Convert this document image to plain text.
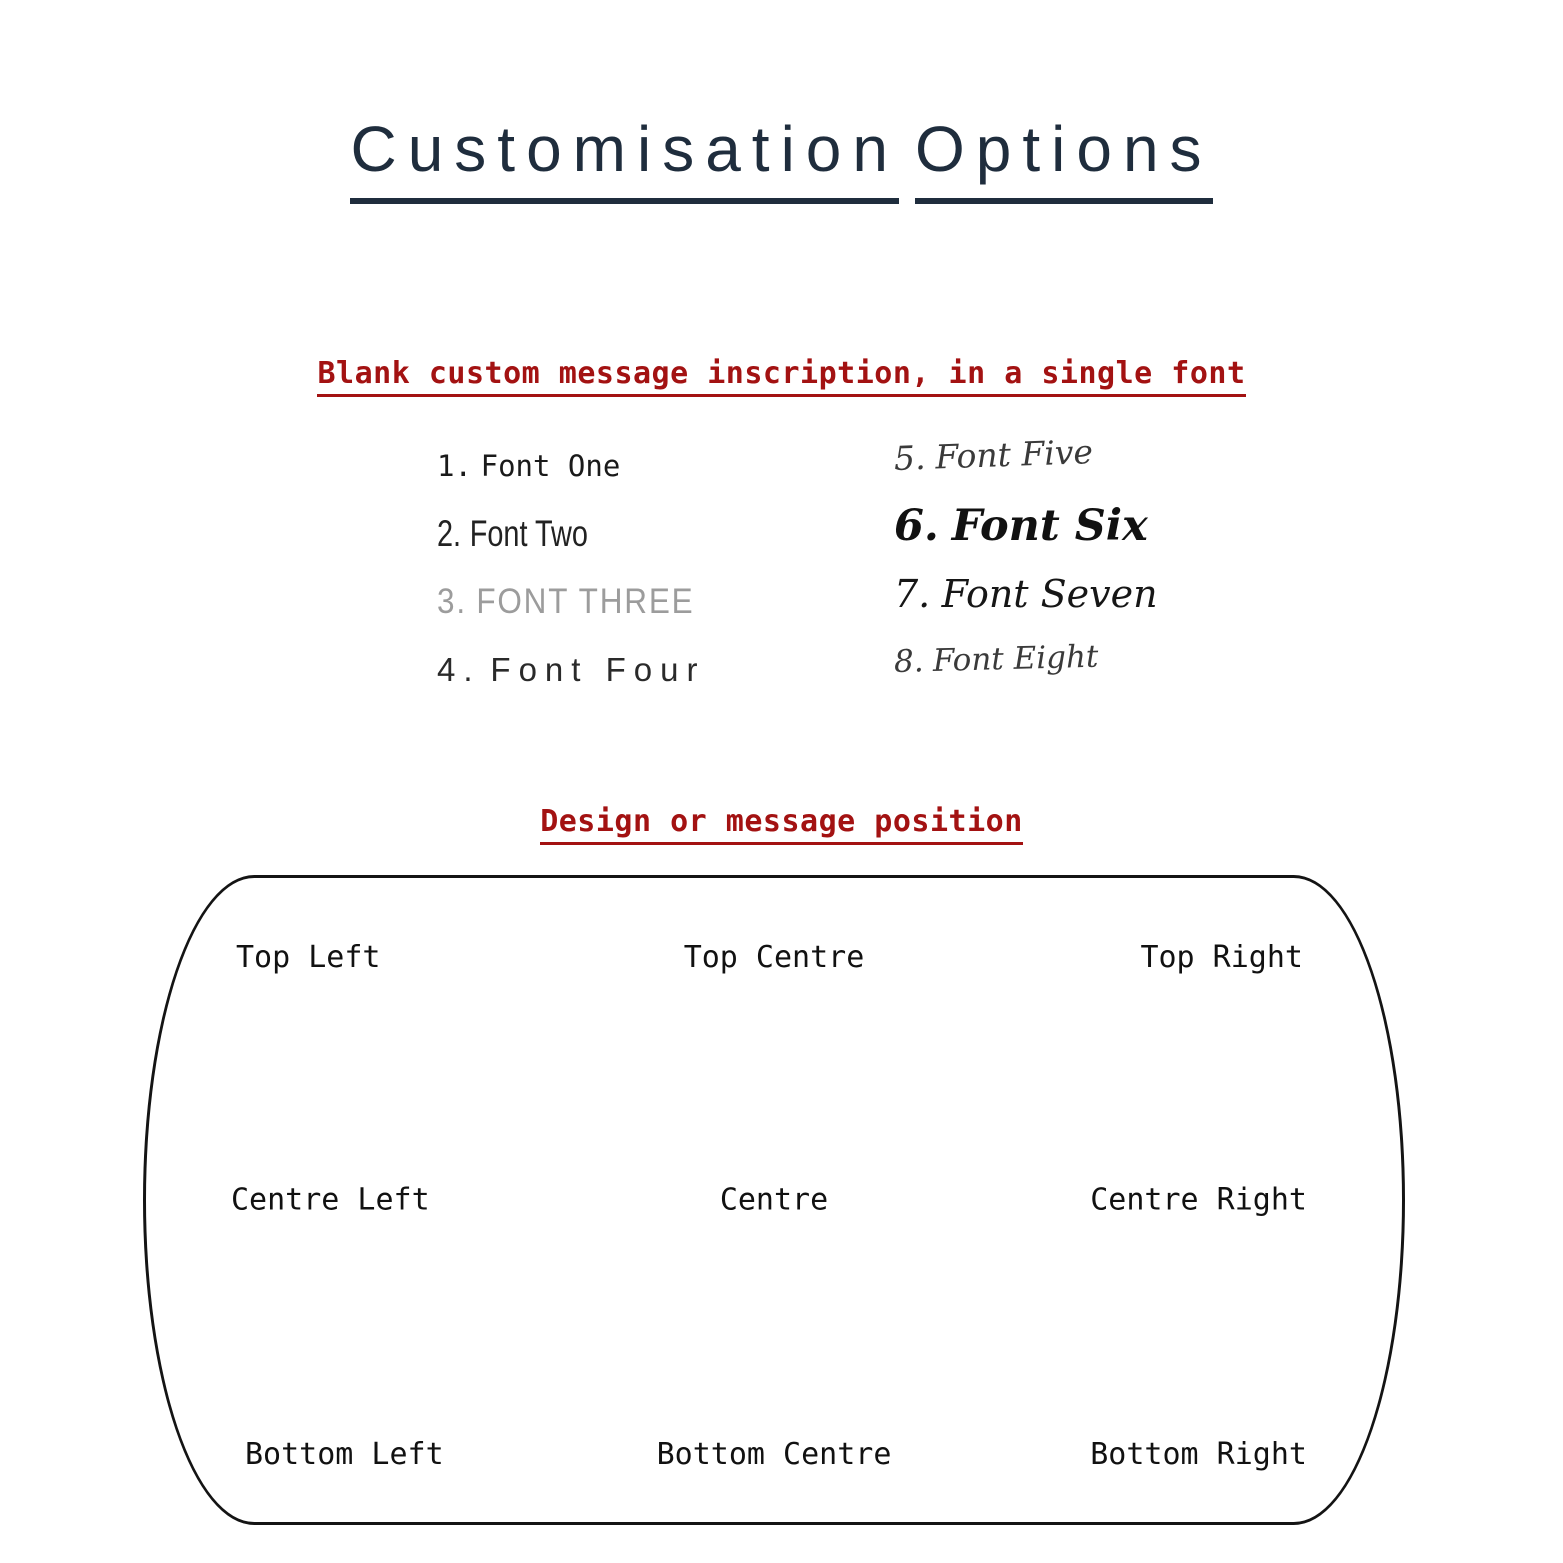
Customisation Options
Blank custom message inscription, in a single font
1. Font One
2. Font Two
3. FONT THREE
4. Font Four
5. Font Five
6. Font Six
7. Font Seven
8. Font Eight
Design or message position
Top Left	Top Centre	Top Right
Centre Left	Centre	Centre Right
Bottom Left	Bottom Centre	Bottom Right
